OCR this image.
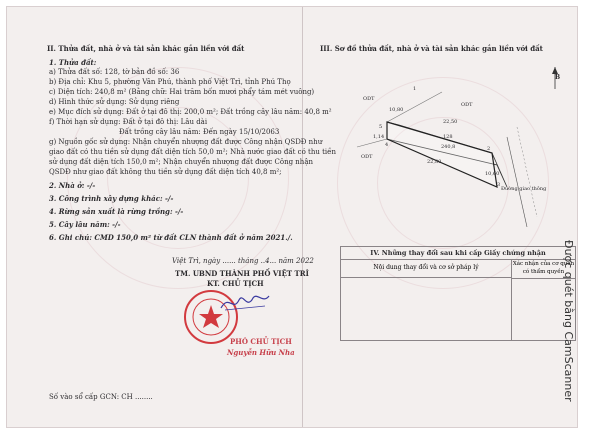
II. Thửa đất, nhà ở và tài sản khác gắn liền với đất
1. Thửa đất:
a) Thửa đất số: 128, tờ bản đồ số: 36
b) Địa chỉ: Khu 5, phường Vân Phú, thành phố Việt Trì, tỉnh Phú Thọ
c) Diện tích: 240,8 m² (Bằng chữ: Hai trăm bốn mươi phẩy tám mét vuông)
d) Hình thức sử dụng: Sử dụng riêng
e) Mục đích sử dụng: Đất ở tại đô thị: 200,0 m²; Đất trồng cây lâu năm: 40,8 m²
f) Thời hạn sử dụng: Đất ở tại đô thị: Lâu dài
Đất trồng cây lâu năm: Đến ngày 15/10/2063
g) Nguồn gốc sử dụng: Nhận chuyển nhượng đất được Công nhận QSDĐ như
giao đất có thu tiền sử dụng đất diện tích 50,0 m²; Nhà nước giao đất có thu tiền
sử dụng đất diện tích 150,0 m²; Nhận chuyển nhượng đất được Công nhận
QSDĐ như giao đất không thu tiền sử dụng đất diện tích 40,8 m²;
2. Nhà ở: -/-
3. Công trình xây dựng khác: -/-
4. Rừng sản xuất là rừng trồng: -/-
5. Cây lâu năm: -/-
6. Ghi chú: CMD 150,0 m² từ đất CLN thành đất ở năm 2021./.
Việt Trì, ngày ...... tháng ..4... năm 2022
TM. UBND THÀNH PHỐ VIỆT TRÌ
KT. CHỦ TỊCH
PHÓ CHỦ TỊCH
Nguyễn Hữu Nha
Số vào sổ cấp GCN: CH ........
III. Sơ đồ thửa đất, nhà ở và tài sản khác gắn liền với đất
B
ODT
ODT
ODT
128
240,8
22,50
22,80
10,60
10,80
1,14
Đường giao thông
1
2
3
4
5
IV. Những thay đổi sau khi cấp Giấy chứng nhận
Nội dung thay đổi và cơ sở pháp lý	Xác nhận của cơ quan có thẩm quyền
Được quét bằng CamScanner
